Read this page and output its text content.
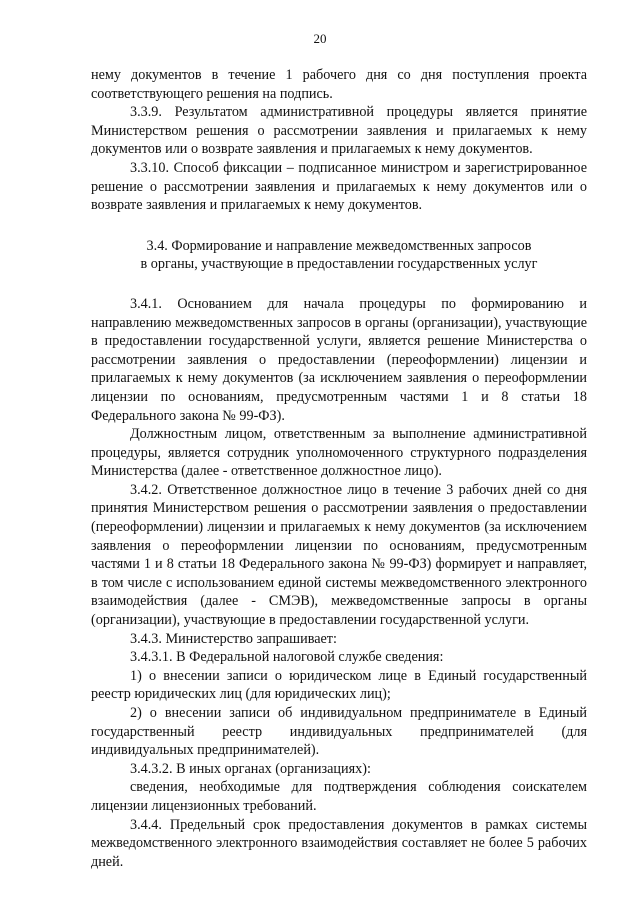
20

нему документов в течение 1 рабочего дня со дня поступления проекта соответствующего решения на подпись.

3.3.9. Результатом административной процедуры является принятие Министерством решения о рассмотрении заявления и прилагаемых к нему документов или о возврате заявления и прилагаемых к нему документов.

3.3.10. Способ фиксации – подписанное министром и зарегистрированное решение о рассмотрении заявления и прилагаемых к нему документов или о возврате заявления и прилагаемых к нему документов.

3.4. Формирование и направление межведомственных запросов
в органы, участвующие в предоставлении государственных услуг

3.4.1. Основанием для начала процедуры по формированию и направлению межведомственных запросов в органы (организации), участвующие в предоставлении государственной услуги, является решение Министерства о рассмотрении заявления о предоставлении (переоформлении) лицензии и прилагаемых к нему документов (за исключением заявления о переоформлении лицензии по основаниям, предусмотренным частями 1 и 8 статьи 18 Федерального закона № 99-ФЗ).

Должностным лицом, ответственным за выполнение административной процедуры, является сотрудник уполномоченного структурного подразделения Министерства (далее - ответственное должностное лицо).

3.4.2. Ответственное должностное лицо в течение 3 рабочих дней со дня принятия Министерством решения о рассмотрении заявления о предоставлении (переоформлении) лицензии и прилагаемых к нему документов (за исключением заявления о переоформлении лицензии по основаниям, предусмотренным частями 1 и 8 статьи 18 Федерального закона № 99-ФЗ) формирует и направляет, в том числе с использованием единой системы межведомственного электронного взаимодействия (далее - СМЭВ), межведомственные запросы в органы (организации), участвующие в предоставлении государственной услуги.

3.4.3. Министерство запрашивает:

3.4.3.1. В Федеральной налоговой службе сведения:

1) о внесении записи о юридическом лице в Единый государственный реестр юридических лиц (для юридических лиц);

2) о внесении записи об индивидуальном предпринимателе в Единый государственный реестр индивидуальных предпринимателей (для индивидуальных предпринимателей).

3.4.3.2. В иных органах (организациях):

сведения, необходимые для подтверждения соблюдения соискателем лицензии лицензионных требований.

3.4.4. Предельный срок предоставления документов в рамках системы межведомственного электронного взаимодействия составляет не более 5 рабочих дней.
